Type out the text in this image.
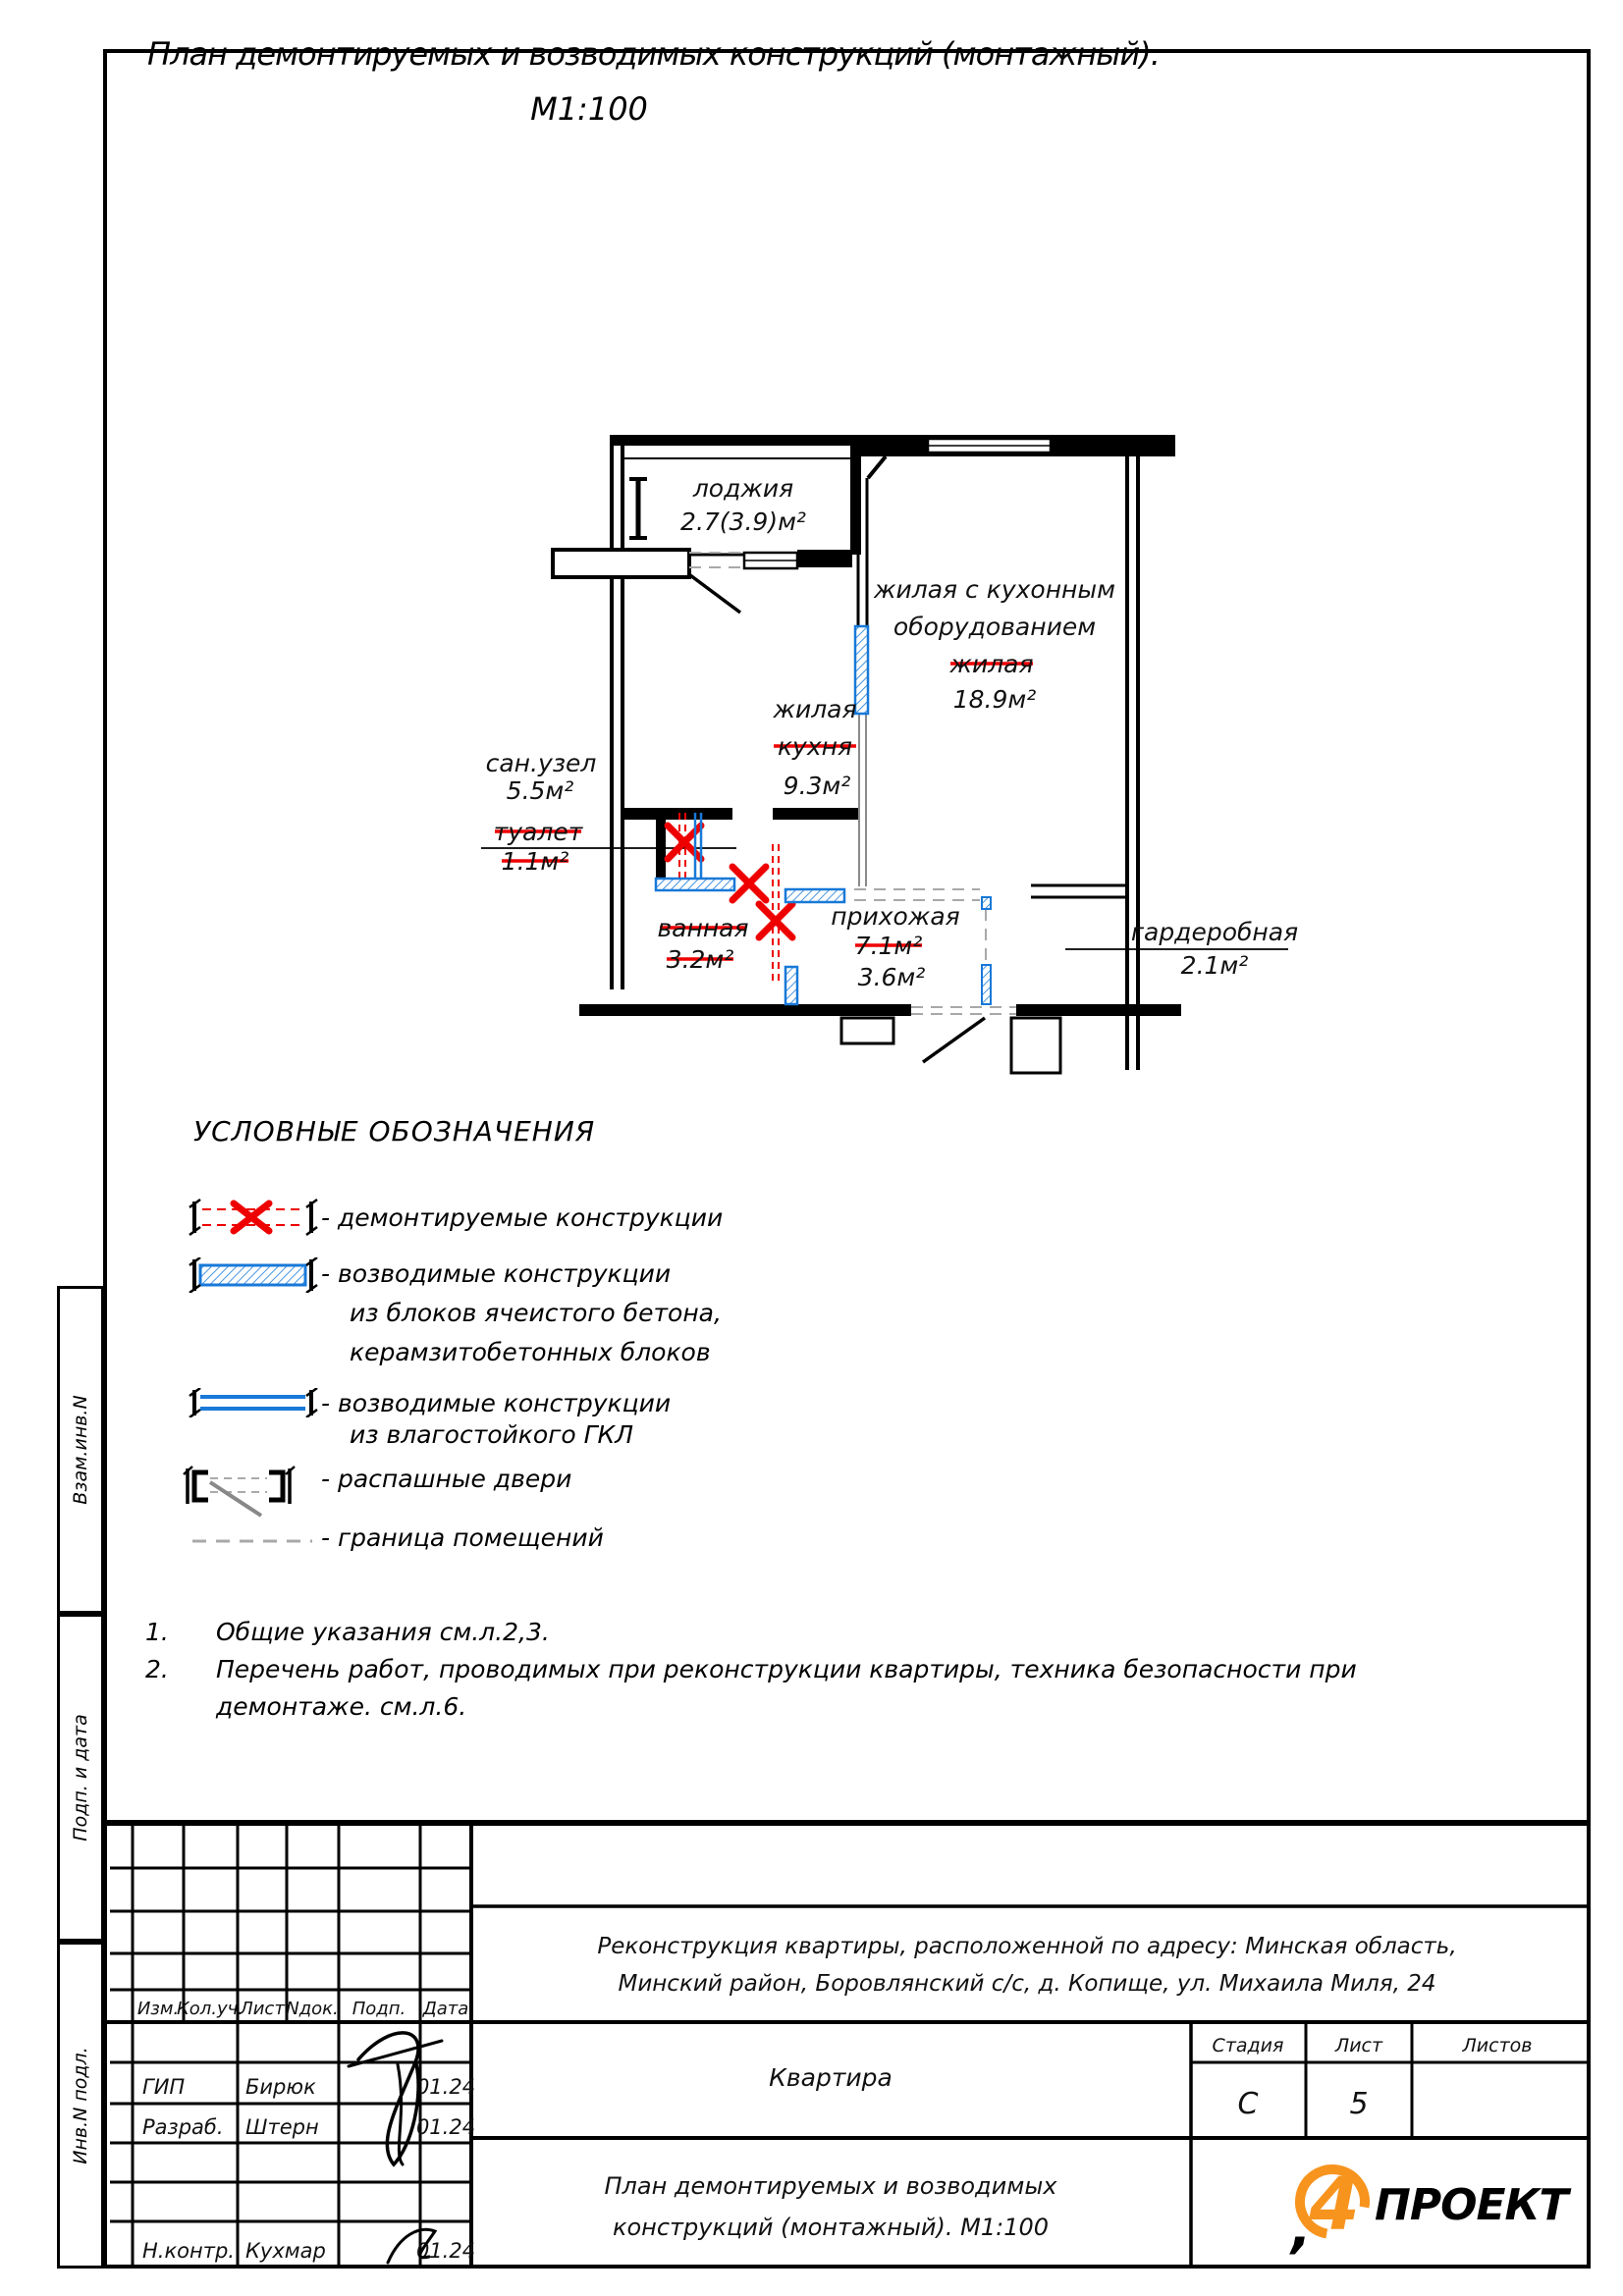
План демонтируемых и возводимых конструкций (монтажный).
М1:100
лоджия
2.7(3.9)м²
жилая с кухонным
оборудованием
жилая
18.9м²
жилая
кухня
9.3м²
сан.узел
5.5м²
туалет
1.1м²
ванная
3.2м²
прихожая
7.1м²
3.6м²
гардеробная
2.1м²
УСЛОВНЫЕ ОБОЗНАЧЕНИЯ
- демонтируемые конструкции
- возводимые конструкции
из блоков ячеистого бетона,
керамзитобетонных блоков
- возводимые конструкции
из влагостойкого ГКЛ
- распашные двери
- граница помещений
1. Общие указания см.л.2,3.
2. Перечень работ, проводимых при реконструкции квартиры, техника безопасности при
демонтаже. см.л.6.
Взам.инв.N
Подп. и дата
Инв.N подл.
Изм.
Кол.уч.
Лист Nдок. Подп. Дата
ГИП	Бирюк	01.24
Разраб. Штерн	01.24
Н.контр. Кухмар	01.24
Реконструкция квартиры, расположенной по адресу: Минская область,
Минский район, Боровлянский с/с, д. Копище, ул. Михаила Миля, 24
Квартира
Стадия	Лист	Листов
С	5
План демонтируемых и возводимых
конструкций (монтажный). М1:100	4
, ПРОЕКТ
